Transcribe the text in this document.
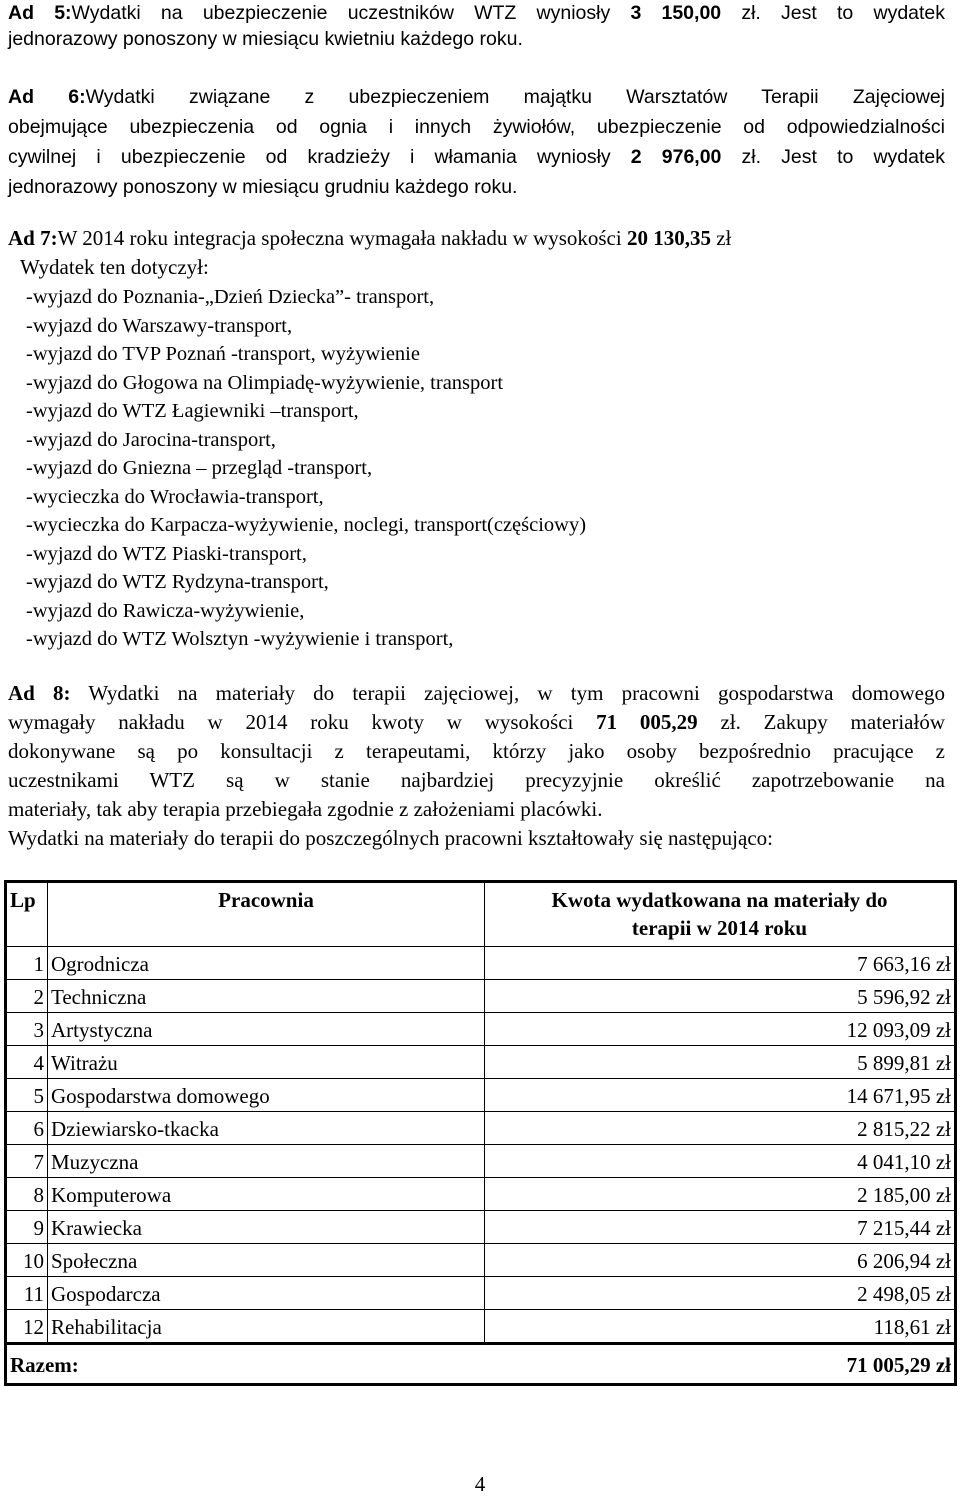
Ad 5:Wydatki na ubezpieczenie uczestników WTZ wyniosły 3 150,00 zł. Jest to wydatek
jednorazowy ponoszony w miesiącu kwietniu każdego roku.
Ad 6:Wydatki związane z ubezpieczeniem majątku Warsztatów Terapii Zajęciowej
obejmujące ubezpieczenia od ognia i innych żywiołów, ubezpieczenie od odpowiedzialności
cywilnej i ubezpieczenie od kradzieży i włamania wyniosły 2 976,00 zł. Jest to wydatek
jednorazowy ponoszony w miesiącu grudniu każdego roku.
Ad 7:W 2014 roku integracja społeczna wymagała nakładu w wysokości 20 130,35 zł
Wydatek ten dotyczył:
-wyjazd do Poznania-„Dzień Dziecka”- transport,
-wyjazd do Warszawy-transport,
-wyjazd do TVP Poznań -transport, wyżywienie
-wyjazd do Głogowa na Olimpiadę-wyżywienie, transport
-wyjazd do WTZ Łagiewniki –transport,
-wyjazd do Jarocina-transport,
-wyjazd do Gniezna – przegląd -transport,
-wycieczka do Wrocławia-transport,
-wycieczka do Karpacza-wyżywienie, noclegi, transport(częściowy)
-wyjazd do WTZ Piaski-transport,
-wyjazd do WTZ Rydzyna-transport,
-wyjazd do Rawicza-wyżywienie,
-wyjazd do WTZ Wolsztyn -wyżywienie i transport,
Ad 8: Wydatki na materiały do terapii zajęciowej, w tym pracowni gospodarstwa domowego
wymagały nakładu w 2014 roku kwoty w wysokości 71 005,29 zł. Zakupy materiałów
dokonywane są po konsultacji z terapeutami, którzy jako osoby bezpośrednio pracujące z
uczestnikami WTZ są w stanie najbardziej precyzyjnie określić zapotrzebowanie na
materiały, tak aby terapia przebiegała zgodnie z założeniami placówki.
Wydatki na materiały do terapii do poszczególnych pracowni kształtowały się następująco:
Lp	Pracownia	Kwota wydatkowana na materiały do
terapii w 2014 roku
1	Ogrodnicza	7 663,16 zł
2	Techniczna	5 596,92 zł
3	Artystyczna	12 093,09 zł
4	Witrażu	5 899,81 zł
5	Gospodarstwa domowego	14 671,95 zł
6	Dziewiarsko-tkacka	2 815,22 zł
7	Muzyczna	4 041,10 zł
8	Komputerowa	2 185,00 zł
9	Krawiecka	7 215,44 zł
10	Społeczna	6 206,94 zł
11	Gospodarcza	2 498,05 zł
12	Rehabilitacja	118,61 zł
Razem:		71 005,29 zł
4
